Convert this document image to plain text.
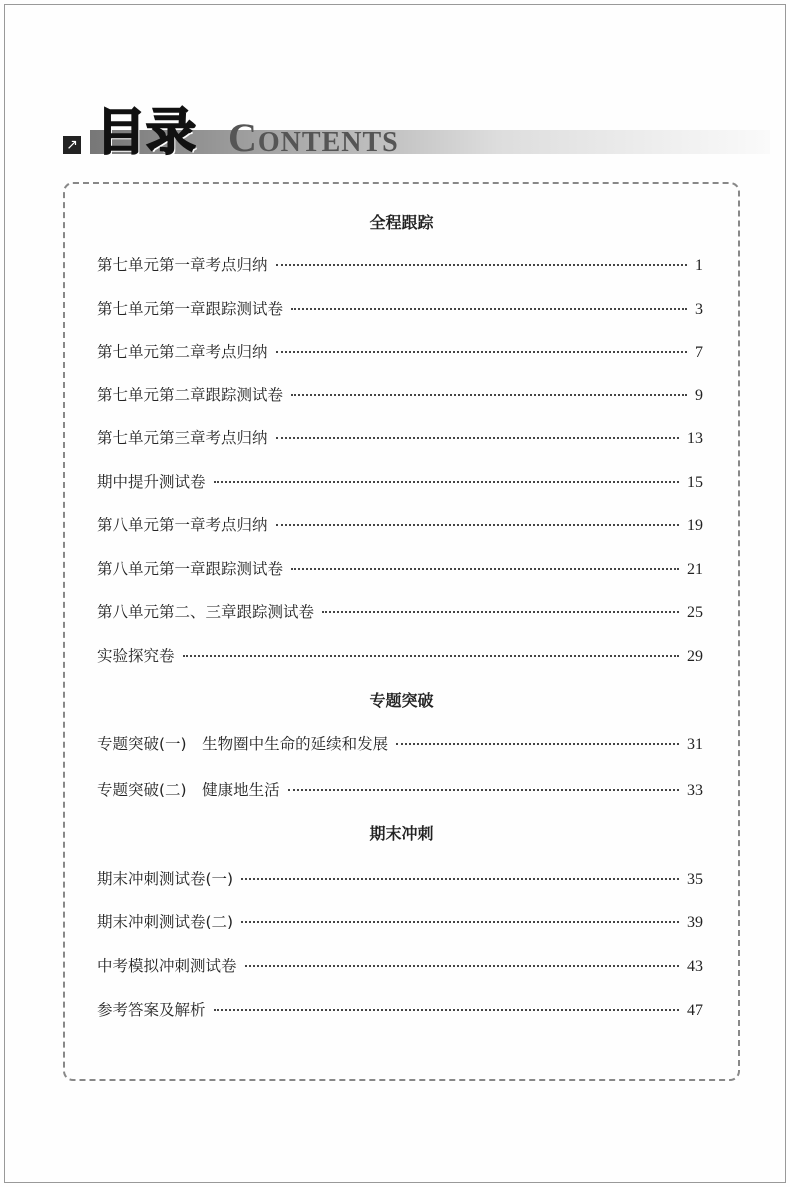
↗ 目录 Contents
全程跟踪
第七单元第一章考点归纳	1
第七单元第一章跟踪测试卷	3
第七单元第二章考点归纳	7
第七单元第二章跟踪测试卷	9
第七单元第三章考点归纳	13
期中提升测试卷	15
第八单元第一章考点归纳	19
第八单元第一章跟踪测试卷	21
第八单元第二、三章跟踪测试卷	25
实验探究卷	29
专题突破
专题突破(一)　生物圈中生命的延续和发展	31
专题突破(二)　健康地生活	33
期末冲刺
期末冲刺测试卷(一)	35
期末冲刺测试卷(二)	39
中考模拟冲刺测试卷	43
参考答案及解析	47
